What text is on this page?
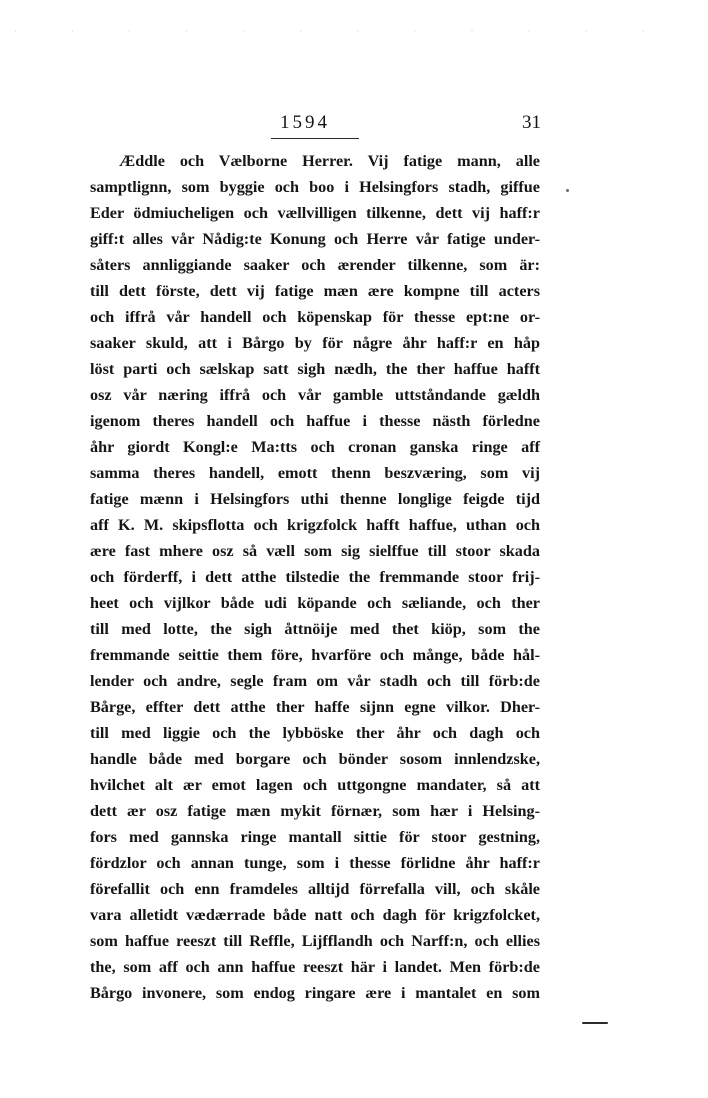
· · · · · · · · · · · ·
1594	31
Æddle och Vælborne Herrer. Vij fatige mann, alle
samptlignn, som byggie och boo i Helsingfors stadh, giffue
Eder ödmiucheligen och vællvilligen tilkenne, dett vij haff:r
giff:t alles vår Nådig:te Konung och Herre vår fatige under-
såters annliggiande saaker och ærender tilkenne, som är:
till dett förste, dett vij fatige mæn ære kompne till acters
och iffrå vår handell och köpenskap för thesse ept:ne or-
saaker skuld, att i Bårgo by för någre åhr haff:r en håp
löst parti och sælskap satt sigh nædh, the ther haffue hafft
osz vår næring iffrå och vår gamble uttståndande gældh
igenom theres handell och haffue i thesse nästh förledne
åhr giordt Kongl:e Ma:tts och cronan ganska ringe aff
samma theres handell, emott thenn beszværing, som vij
fatige mænn i Helsingfors uthi thenne longlige feigde tijd
aff K. M. skipsflotta och krigzfolck hafft haffue, uthan och
ære fast mhere osz så væll som sig sielffue till stoor skada
och förderff, i dett atthe tilstedie the fremmande stoor frij-
heet och vijlkor både udi köpande och sæliande, och ther
till med lotte, the sigh åttnöije med thet kiöp, som the
fremmande seittie them före, hvarföre och månge, både hål-
lender och andre, segle fram om vår stadh och till förb:de
Bårge, effter dett atthe ther haffe sijnn egne vilkor. Dher-
till med liggie och the lybböske ther åhr och dagh och
handle både med borgare och bönder sosom innlendzske,
hvilchet alt ær emot lagen och uttgongne mandater, så att
dett ær osz fatige mæn mykit förnær, som hær i Helsing-
fors med gannska ringe mantall sittie för stoor gestning,
fördzlor och annan tunge, som i thesse förlidne åhr haff:r
förefallit och enn framdeles alltijd förrefalla vill, och skåle
vara alletidt vædærrade både natt och dagh för krigzfolcket,
som haffue reeszt till Reffle, Lijfflandh och Narff:n, och ellies
the, som aff och ann haffue reeszt här i landet. Men förb:de
Bårgo invonere, som endog ringare ære i mantalet en som
